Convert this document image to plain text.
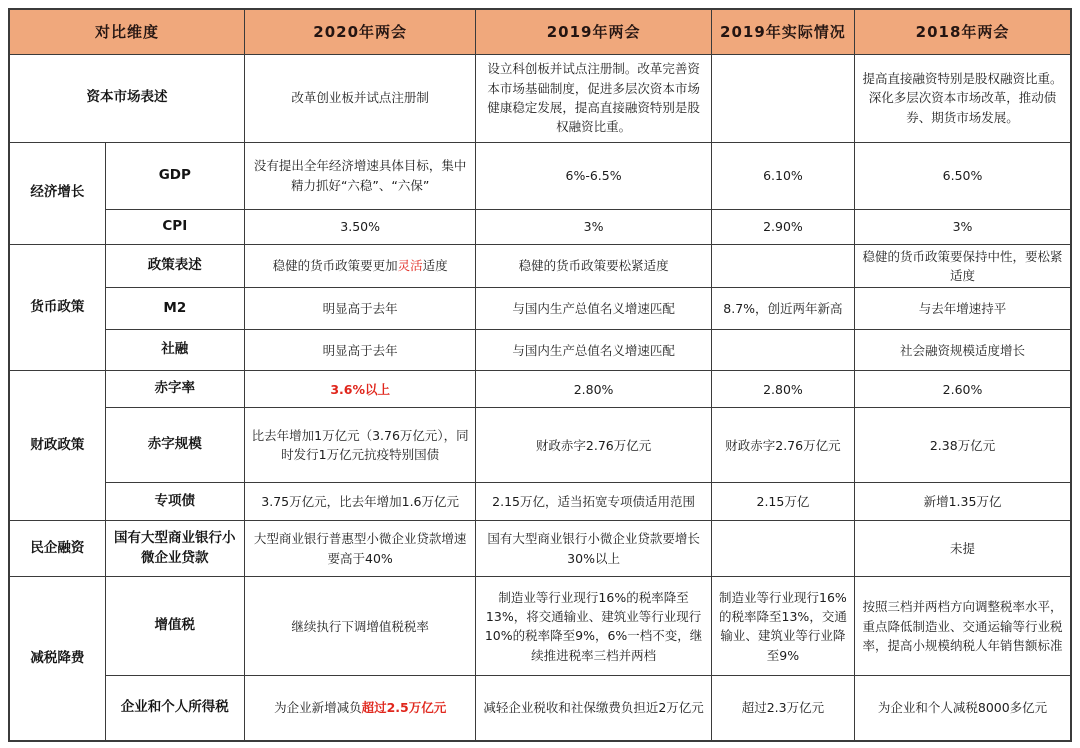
对比维度		2020年两会	2019年两会	2019年实际情况	2018年两会
资本市场表述		改革创业板并试点注册制	设立科创板并试点注册制。改革完善资本市场基础制度，促进多层次资本市场健康稳定发展，提高直接融资特别是股权融资比重。		提高直接融资特别是股权融资比重。深化多层次资本市场改革，推动债券、期货市场发展。
经济增长	GDP	没有提出全年经济增速具体目标，集中精力抓好“六稳”、“六保”	6%-6.5%	6.10%	6.50%
	CPI	3.50%	3%	2.90%	3%
货币政策	政策表述	稳健的货币政策要更加灵活适度	稳健的货币政策要松紧适度		稳健的货币政策要保持中性，要松紧适度
	M2	明显高于去年	与国内生产总值名义增速匹配	8.7%，创近两年新高	与去年增速持平
	社融	明显高于去年	与国内生产总值名义增速匹配		社会融资规模适度增长
财政政策	赤字率	3.6%以上	2.80%	2.80%	2.60%
	赤字规模	比去年增加1万亿元（3.76万亿元），同时发行1万亿元抗疫特别国债	财政赤字2.76万亿元	财政赤字2.76万亿元	2.38万亿元
	专项债	3.75万亿元，比去年增加1.6万亿元	2.15万亿，适当拓宽专项债适用范围	2.15万亿	新增1.35万亿
民企融资	国有大型商业银行小微企业贷款	大型商业银行普惠型小微企业贷款增速要高于40%	国有大型商业银行小微企业贷款要增长30%以上		未提
减税降费	增值税	继续执行下调增值税税率	制造业等行业现行16%的税率降至13%，将交通输业、建筑业等行业现行10%的税率降至9%，6%一档不变，继续推进税率三档并两档	制造业等行业现行16%的税率降至13%，交通输业、建筑业等行业降至9%	按照三档并两档方向调整税率水平，重点降低制造业、交通运输等行业税率，提高小规模纳税人年销售额标准
	企业和个人所得税	为企业新增减负超过2.5万亿元	减轻企业税收和社保缴费负担近2万亿元	超过2.3万亿元	为企业和个人减税8000多亿元
